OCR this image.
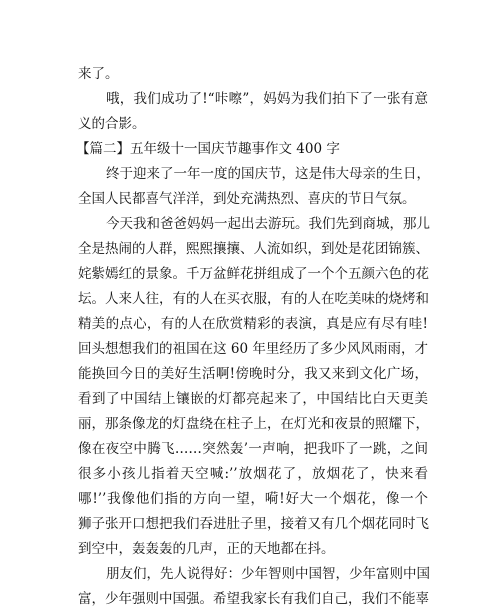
来了。
哦，我们成功了!“咔嚓”，妈妈为我们拍下了一张有意
义的合影。
【篇二】五年级十一国庆节趣事作文 400 字
终于迎来了一年一度的国庆节，这是伟大母亲的生日，
全国人民都喜气洋洋，到处充满热烈、喜庆的节日气氛。
今天我和爸爸妈妈一起出去游玩。我们先到商城，那儿
全是热闹的人群，熙熙攘攘、人流如织，到处是花团锦簇、
姹紫嫣红的景象。千万盆鲜花拼组成了一个个五颜六色的花
坛。人来人往，有的人在买衣服，有的人在吃美味的烧烤和
精美的点心，有的人在欣赏精彩的表演，真是应有尽有哇!
回头想想我们的祖国在这 60 年里经历了多少风风雨雨，才
能换回今日的美好生活啊!傍晚时分，我又来到文化广场，
看到了中国结上镶嵌的灯都亮起来了，中国结比白天更美
丽，那条像龙的灯盘绕在柱子上，在灯光和夜景的照耀下，
像在夜空中腾飞……突然轰’一声响，把我吓了一跳，之间
很多小孩儿指着天空喊:’’放烟花了，放烟花了，快来看
哪!’’我像他们指的方向一望，嗬!好大一个烟花，像一个
狮子张开口想把我们吞进肚子里，接着又有几个烟花同时飞
到空中，轰轰轰的几声，正的天地都在抖。
朋友们，先人说得好：少年智则中国智，少年富则中国
富，少年强则中国强。希望我家长有我们自己，我们不能辜
